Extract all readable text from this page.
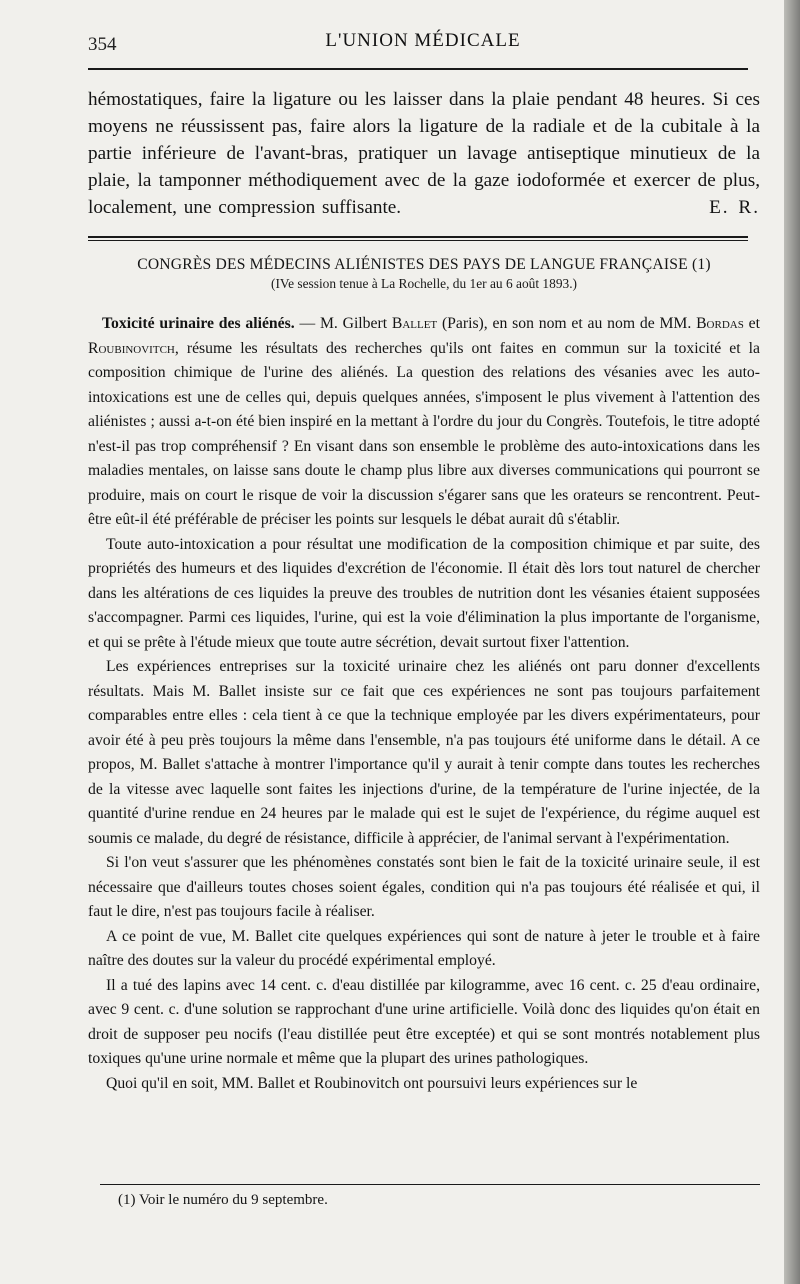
354	L'UNION MÉDICALE
hémostatiques, faire la ligature ou les laisser dans la plaie pendant 48 heures. Si ces moyens ne réussissent pas, faire alors la ligature de la radiale et de la cubitale à la partie inférieure de l'avant-bras, pratiquer un lavage antiseptique minutieux de la plaie, la tamponner méthodiquement avec de la gaze iodoformée et exercer de plus, localement, une compression suffisante.	E. R.
CONGRÈS DES MÉDECINS ALIÉNISTES DES PAYS DE LANGUE FRANÇAISE (1)
(IVe session tenue à La Rochelle, du 1er au 6 août 1893.)

Toxicité urinaire des aliénés. — M. Gilbert Ballet (Paris), en son nom et au nom de MM. Bordas et Roubinovitch, résume les résultats des recherches qu'ils ont faites en commun sur la toxicité et la composition chimique de l'urine des aliénés. La question des relations des vésanies avec les auto-intoxications est une de celles qui, depuis quelques années, s'imposent le plus vivement à l'attention des aliénistes ; aussi a-t-on été bien inspiré en la mettant à l'ordre du jour du Congrès. Toutefois, le titre adopté n'est-il pas trop compréhensif ? En visant dans son ensemble le problème des auto-intoxications dans les maladies mentales, on laisse sans doute le champ plus libre aux diverses communications qui pourront se produire, mais on court le risque de voir la discussion s'égarer sans que les orateurs se rencontrent. Peut-être eût-il été préférable de préciser les points sur lesquels le débat aurait dû s'établir.

Toute auto-intoxication a pour résultat une modification de la composition chimique et par suite, des propriétés des humeurs et des liquides d'excrétion de l'économie. Il était dès lors tout naturel de chercher dans les altérations de ces liquides la preuve des troubles de nutrition dont les vésanies étaient supposées s'accompagner. Parmi ces liquides, l'urine, qui est la voie d'élimination la plus importante de l'organisme, et qui se prête à l'étude mieux que toute autre sécrétion, devait surtout fixer l'attention.

Les expériences entreprises sur la toxicité urinaire chez les aliénés ont paru donner d'excellents résultats. Mais M. Ballet insiste sur ce fait que ces expériences ne sont pas toujours parfaitement comparables entre elles : cela tient à ce que la technique employée par les divers expérimentateurs, pour avoir été à peu près toujours la même dans l'ensemble, n'a pas toujours été uniforme dans le détail. A ce propos, M. Ballet s'attache à montrer l'importance qu'il y aurait à tenir compte dans toutes les recherches de la vitesse avec laquelle sont faites les injections d'urine, de la température de l'urine injectée, de la quantité d'urine rendue en 24 heures par le malade qui est le sujet de l'expérience, du régime auquel est soumis ce malade, du degré de résistance, difficile à apprécier, de l'animal servant à l'expérimentation.

Si l'on veut s'assurer que les phénomènes constatés sont bien le fait de la toxicité urinaire seule, il est nécessaire que d'ailleurs toutes choses soient égales, condition qui n'a pas toujours été réalisée et qui, il faut le dire, n'est pas toujours facile à réaliser.

A ce point de vue, M. Ballet cite quelques expériences qui sont de nature à jeter le trouble et à faire naître des doutes sur la valeur du procédé expérimental employé.

Il a tué des lapins avec 14 cent. c. d'eau distillée par kilogramme, avec 16 cent. c. 25 d'eau ordinaire, avec 9 cent. c. d'une solution se rapprochant d'une urine artificielle. Voilà donc des liquides qu'on était en droit de supposer peu nocifs (l'eau distillée peut être exceptée) et qui se sont montrés notablement plus toxiques qu'une urine normale et même que la plupart des urines pathologiques.

Quoi qu'il en soit, MM. Ballet et Roubinovitch ont poursuivi leurs expériences sur le

(1) Voir le numéro du 9 septembre.
